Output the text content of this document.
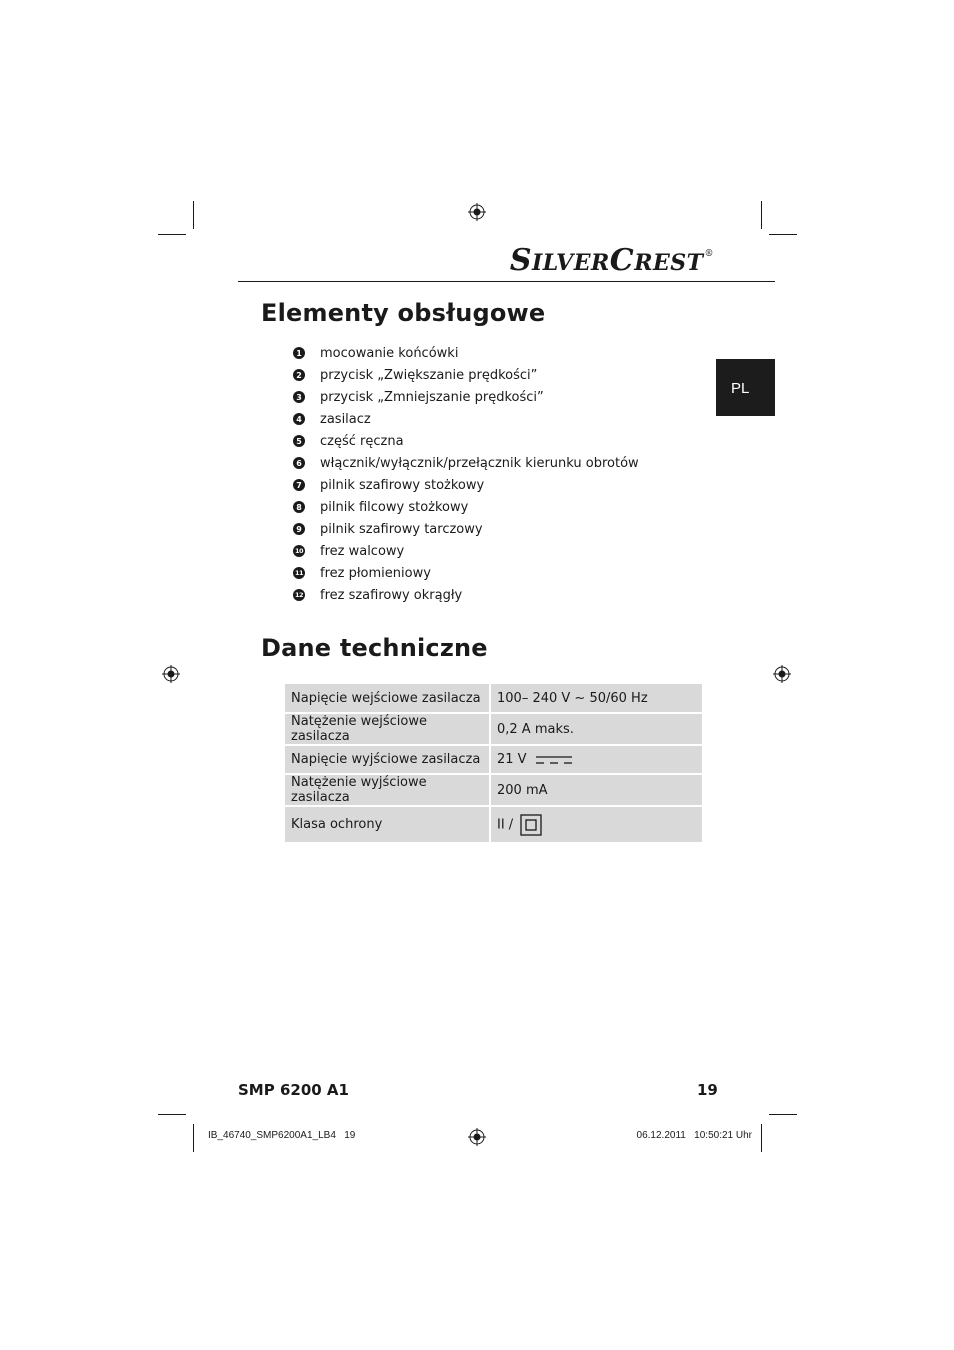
SILVERCREST®
PL
Elementy obsługowe
1 mocowanie końcówki
2 przycisk „Zwiększanie prędkości”
3 przycisk „Zmniejszanie prędkości”
4 zasilacz
5 część ręczna
6 włącznik/wyłącznik/przełącznik kierunku obrotów
7 pilnik szafirowy stożkowy
8 pilnik filcowy stożkowy
9 pilnik szafirowy tarczowy
10 frez walcowy
11 frez płomieniowy
12 frez szafirowy okrągły
Dane techniczne
Napięcie wejściowe zasilacza	100– 240 V ~ 50/60 Hz
Natężenie wejściowe zasilacza	0,2 A maks.
Napięcie wyjściowe zasilacza	21 V
Natężenie wyjściowe zasilacza	200 mA
Klasa ochrony	II /
SMP 6200 A1	19
IB_46740_SMP6200A1_LB4   19	06.12.2011   10:50:21 Uhr
